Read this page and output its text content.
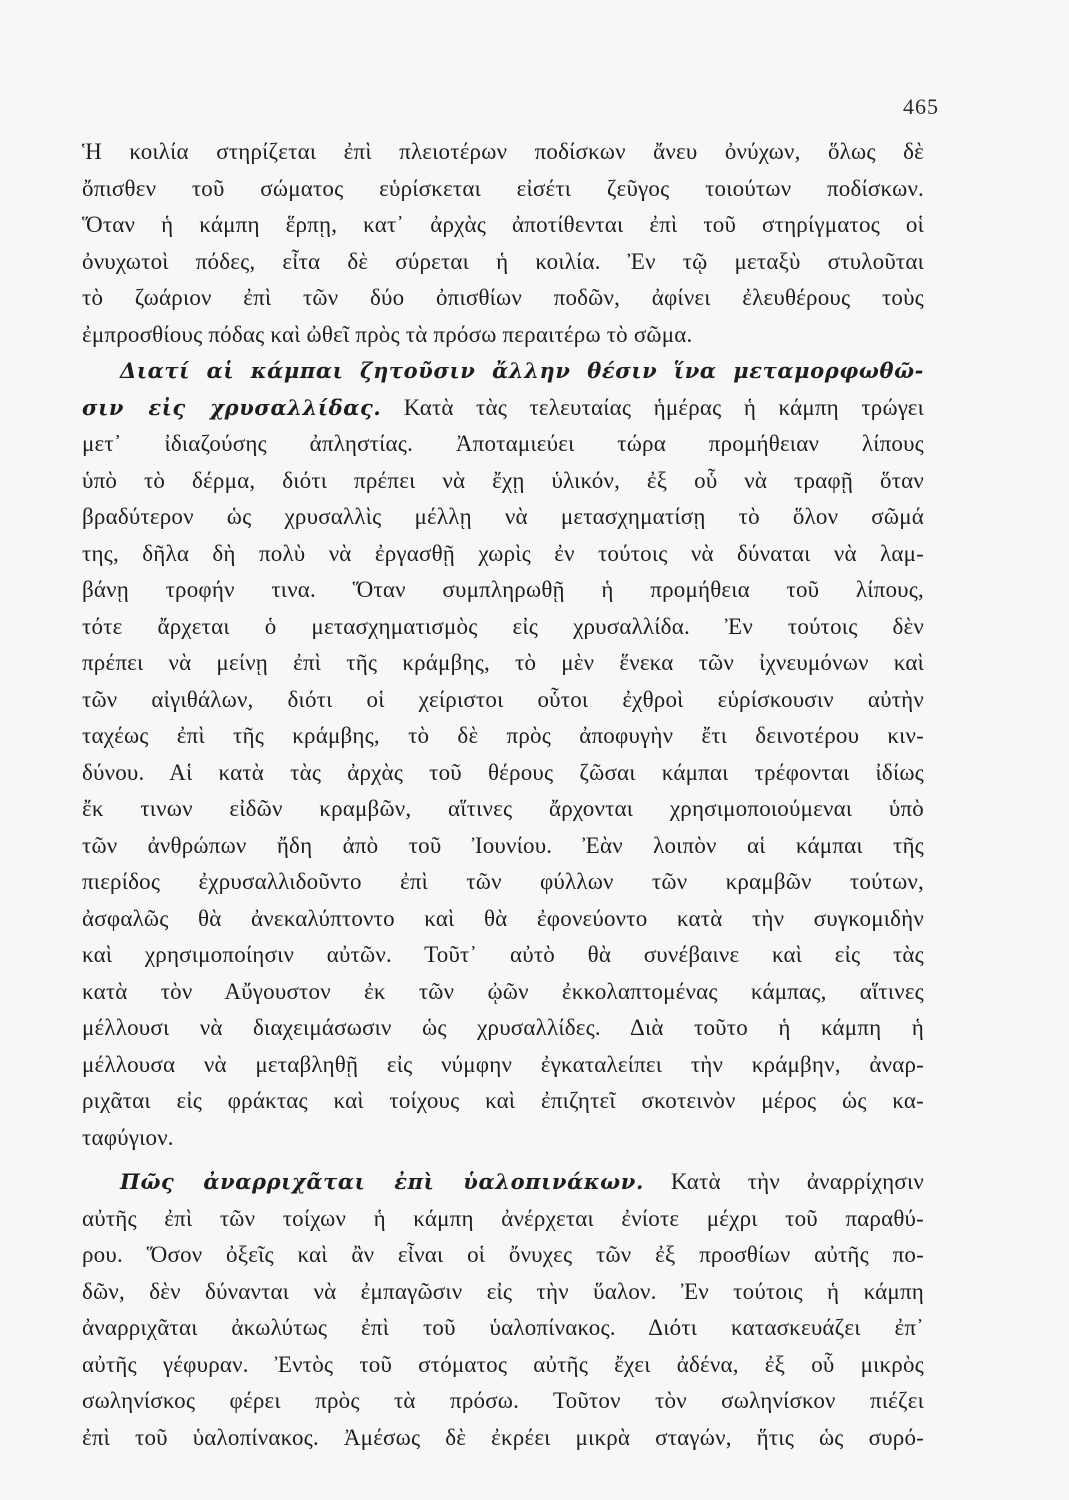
465
Ἡ κοιλία στηρίζεται ἐπὶ πλειοτέρων ποδίσκων ἄνευ ὀνύχων, ὅλως δὲ
ὄπισθεν τοῦ σώματος εὑρίσκεται εἰσέτι ζεῦγος τοιούτων ποδίσκων.
Ὅταν ἡ κάμπη ἕρπῃ, κατ᾽ ἀρχὰς ἀποτίθενται ἐπὶ τοῦ στηρίγματος οἱ
ὀνυχωτοὶ πόδες, εἶτα δὲ σύρεται ἡ κοιλία. Ἐν τῷ μεταξὺ στυλοῦται
τὸ ζωάριον ἐπὶ τῶν δύο ὀπισθίων ποδῶν, ἀφίνει ἐλευθέρους τοὺς
ἐμπροσθίους πόδας καὶ ὠθεῖ πρὸς τὰ πρόσω περαιτέρω τὸ σῶμα.
Διατί αἱ κάμπαι ζητοῦσιν ἄλλην θέσιν ἵνα μεταμορφωθῶ-
σιν εἰς χρυσαλλίδας. Κατὰ τὰς τελευταίας ἡμέρας ἡ κάμπη τρώγει
μετ᾽ ἰδιαζούσης ἀπληστίας. Ἀποταμιεύει τώρα προμήθειαν λίπους
ὑπὸ τὸ δέρμα, διότι πρέπει νὰ ἔχῃ ὑλικόν, ἐξ οὗ νὰ τραφῇ ὅταν
βραδύτερον ὡς χρυσαλλὶς μέλλῃ νὰ μετασχηματίσῃ τὸ ὅλον σῶμά
της, δῆλα δὴ πολὺ νὰ ἐργασθῇ χωρὶς ἐν τούτοις νὰ δύναται νὰ λαμ-
βάνῃ τροφήν τινα. Ὅταν συμπληρωθῇ ἡ προμήθεια τοῦ λίπους,
τότε ἄρχεται ὁ μετασχηματισμὸς εἰς χρυσαλλίδα. Ἐν τούτοις δὲν
πρέπει νὰ μείνῃ ἐπὶ τῆς κράμβης, τὸ μὲν ἕνεκα τῶν ἰχνευμόνων καὶ
τῶν αἰγιθάλων, διότι οἱ χείριστοι οὗτοι ἐχθροὶ εὑρίσκουσιν αὐτὴν
ταχέως ἐπὶ τῆς κράμβης, τὸ δὲ πρὸς ἀποφυγὴν ἔτι δεινοτέρου κιν-
δύνου. Αἱ κατὰ τὰς ἀρχὰς τοῦ θέρους ζῶσαι κάμπαι τρέφονται ἰδίως
ἔκ τινων εἰδῶν κραμβῶν, αἵτινες ἄρχονται χρησιμοποιούμεναι ὑπὸ
τῶν ἀνθρώπων ἤδη ἀπὸ τοῦ Ἰουνίου. Ἐὰν λοιπὸν αἱ κάμπαι τῆς
πιερίδος ἐχρυσαλλιδοῦντο ἐπὶ τῶν φύλλων τῶν κραμβῶν τούτων,
ἀσφαλῶς θὰ ἀνεκαλύπτοντο καὶ θὰ ἐφονεύοντο κατὰ τὴν συγκομιδὴν
καὶ χρησιμοποίησιν αὐτῶν. Τοῦτ᾽ αὐτὸ θὰ συνέβαινε καὶ εἰς τὰς
κατὰ τὸν Αὔγουστον ἐκ τῶν ᾠῶν ἐκκολαπτομένας κάμπας, αἵτινες
μέλλουσι νὰ διαχειμάσωσιν ὡς χρυσαλλίδες. Διὰ τοῦτο ἡ κάμπη ἡ
μέλλουσα νὰ μεταβληθῇ εἰς νύμφην ἐγκαταλείπει τὴν κράμβην, ἀναρ-
ριχᾶται εἰς φράκτας καὶ τοίχους καὶ ἐπιζητεῖ σκοτεινὸν μέρος ὡς κα-
ταφύγιον.
Πῶς ἀναρριχᾶται ἐπὶ ὑαλοπινάκων. Κατὰ τὴν ἀναρρίχησιν
αὐτῆς ἐπὶ τῶν τοίχων ἡ κάμπη ἀνέρχεται ἐνίοτε μέχρι τοῦ παραθύ-
ρου. Ὅσον ὀξεῖς καὶ ἂν εἶναι οἱ ὄνυχες τῶν ἐξ προσθίων αὐτῆς πο-
δῶν, δὲν δύνανται νὰ ἐμπαγῶσιν εἰς τὴν ὕαλον. Ἐν τούτοις ἡ κάμπη
ἀναρριχᾶται ἀκωλύτως ἐπὶ τοῦ ὑαλοπίνακος. Διότι κατασκευάζει ἐπ᾽
αὐτῆς γέφυραν. Ἐντὸς τοῦ στόματος αὐτῆς ἔχει ἀδένα, ἐξ οὗ μικρὸς
σωληνίσκος φέρει πρὸς τὰ πρόσω. Τοῦτον τὸν σωληνίσκον πιέζει
ἐπὶ τοῦ ὑαλοπίνακος. Ἀμέσως δὲ ἐκρέει μικρὰ σταγών, ἥτις ὡς συρό-
